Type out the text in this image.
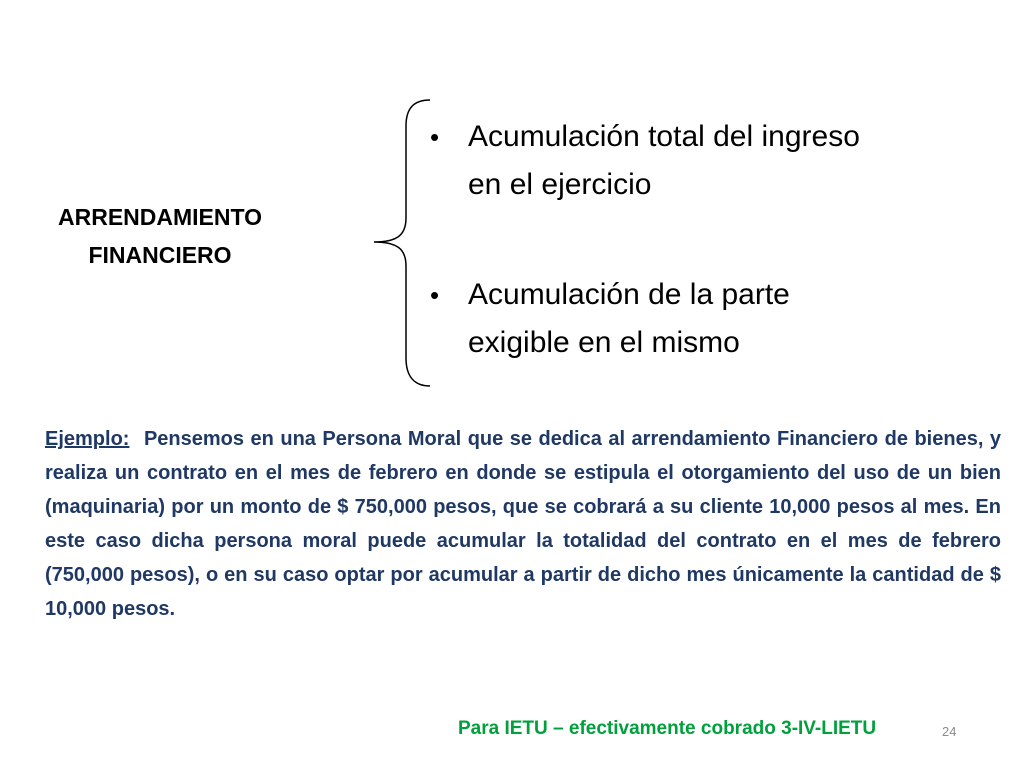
ARRENDAMIENTO
FINANCIERO
• Acumulación total del ingreso
en el ejercicio
• Acumulación de la parte
exigible en el mismo

Ejemplo: Pensemos en una Persona Moral que se dedica al arrendamiento Financiero de bienes, y realiza un contrato en el mes de febrero en donde se estipula el otorgamiento del uso de un bien (maquinaria) por un monto de $ 750,000 pesos, que se cobrará a su cliente 10,000 pesos al mes. En este caso dicha persona moral puede acumular la totalidad del contrato en el mes de febrero (750,000 pesos), o en su caso optar por acumular a partir de dicho mes únicamente la cantidad de $ 10,000 pesos.

Para IETU – efectivamente cobrado 3-IV-LIETU	24
